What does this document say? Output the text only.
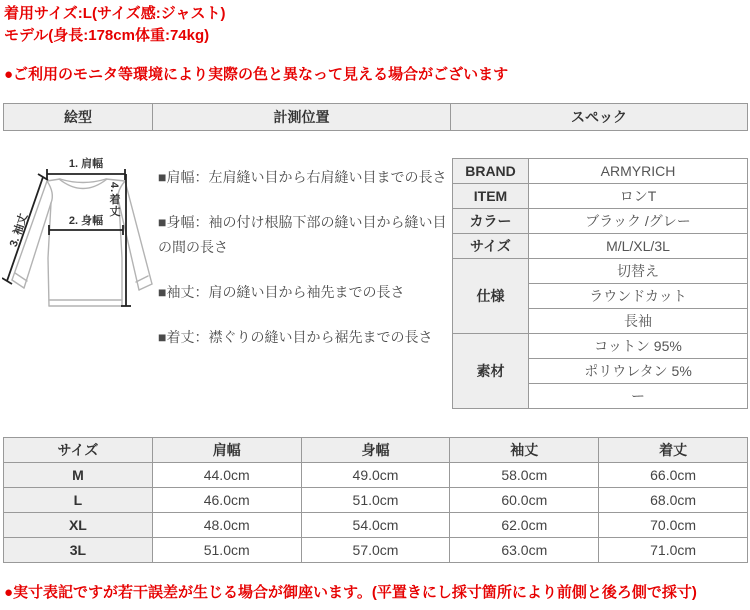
着用サイズ:L(サイズ感:ジャスト)
モデル(身長:178cm体重:74kg)
●ご利用のモニタ等環境により実際の色と異なって見える場合がございます
絵型	計測位置	スペック
1. 肩幅
2. 身幅
3. 袖丈
4.着丈

■肩幅：左肩縫い目から右肩縫い目までの長さ

■身幅：袖の付け根脇下部の縫い目から縫い目の間の長さ

■袖丈：肩の縫い目から袖先までの長さ

■着丈：襟ぐりの縫い目から裾先までの長さ

BRAND	ARMYRICH
ITEM	ロンT
カラー	ブラック /グレー
サイズ	M/L/XL/3L
仕様	切替え
	ラウンドカット
	長袖
素材	コットン 95%
	ポリウレタン 5%
	ー
サイズ	肩幅	身幅	袖丈	着丈
M	44.0cm	49.0cm	58.0cm	66.0cm
L	46.0cm	51.0cm	60.0cm	68.0cm
XL	48.0cm	54.0cm	62.0cm	70.0cm
3L	51.0cm	57.0cm	63.0cm	71.0cm
●実寸表記ですが若干誤差が生じる場合が御座います。(平置きにし採寸箇所により前側と後ろ側で採寸)
